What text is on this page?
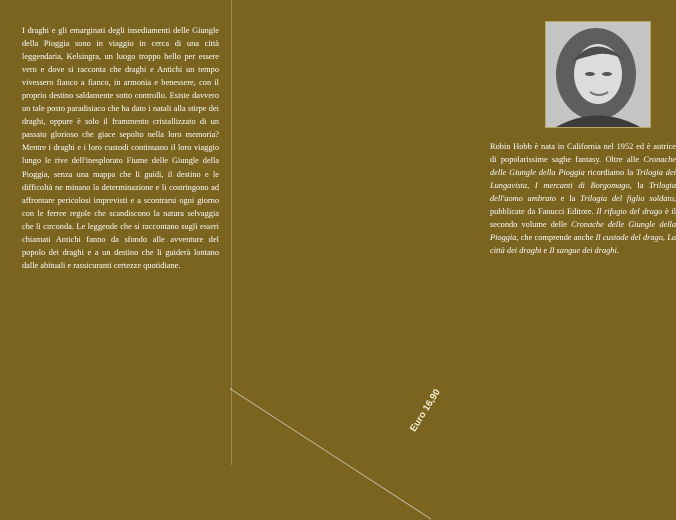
I draghi e gli emarginati degli insediamenti delle Giungle della Pioggia sono in viaggio in cerca di una città leggendaria, Kelsingra, un luogo troppo bello per essere vero e dove si racconta che draghi e Antichi un tempo vivessero fianco a fianco, in armonia e benessere, con il proprio destino saldamente sotto controllo. Esiste davvero un tale posto paradisiaco che ha dato i natali alla stirpe dei draghi, oppure è solo il frammento cristallizzato di un passato glorioso che giace sepolto nella loro memoria? Mentre i draghi e i loro custodi continuano il loro viaggio lungo le rive dell'inesplorato Fiume delle Giungle della Pioggia, senza una mappa che li guidi, il destino e le difficoltà ne minano la determinazione e li costringono ad affrontare pericolosi imprevisti e a scontrarsi ogni giorno con le ferree regole che scandiscono la natura selvaggia che li circonda. Le leggende che si raccontano sugli esseri chiamati Antichi fanno da sfondo alle avventure del popolo dei draghi e a un destino che li guiderà lontano dalle abituali e rassicuranti certezze quotidiane.

Robin Hobb è nata in California nel 1952 ed è autrice di popolarissime saghe fantasy. Oltre alle Cronache delle Giungle della Pioggia ricordiamo la Trilogia dei Lungavista, I mercanti di Borgomago, la Trilogia dell'uomo ambrato e la Trilogia del figlio soldato, pubblicate da Fanucci Editore. Il rifugio del drago è il secondo volume delle Cronache delle Giungle della Pioggia, che comprende anche Il custode del drago, La città dei draghi e Il sangue dei draghi.

Euro 16,90
